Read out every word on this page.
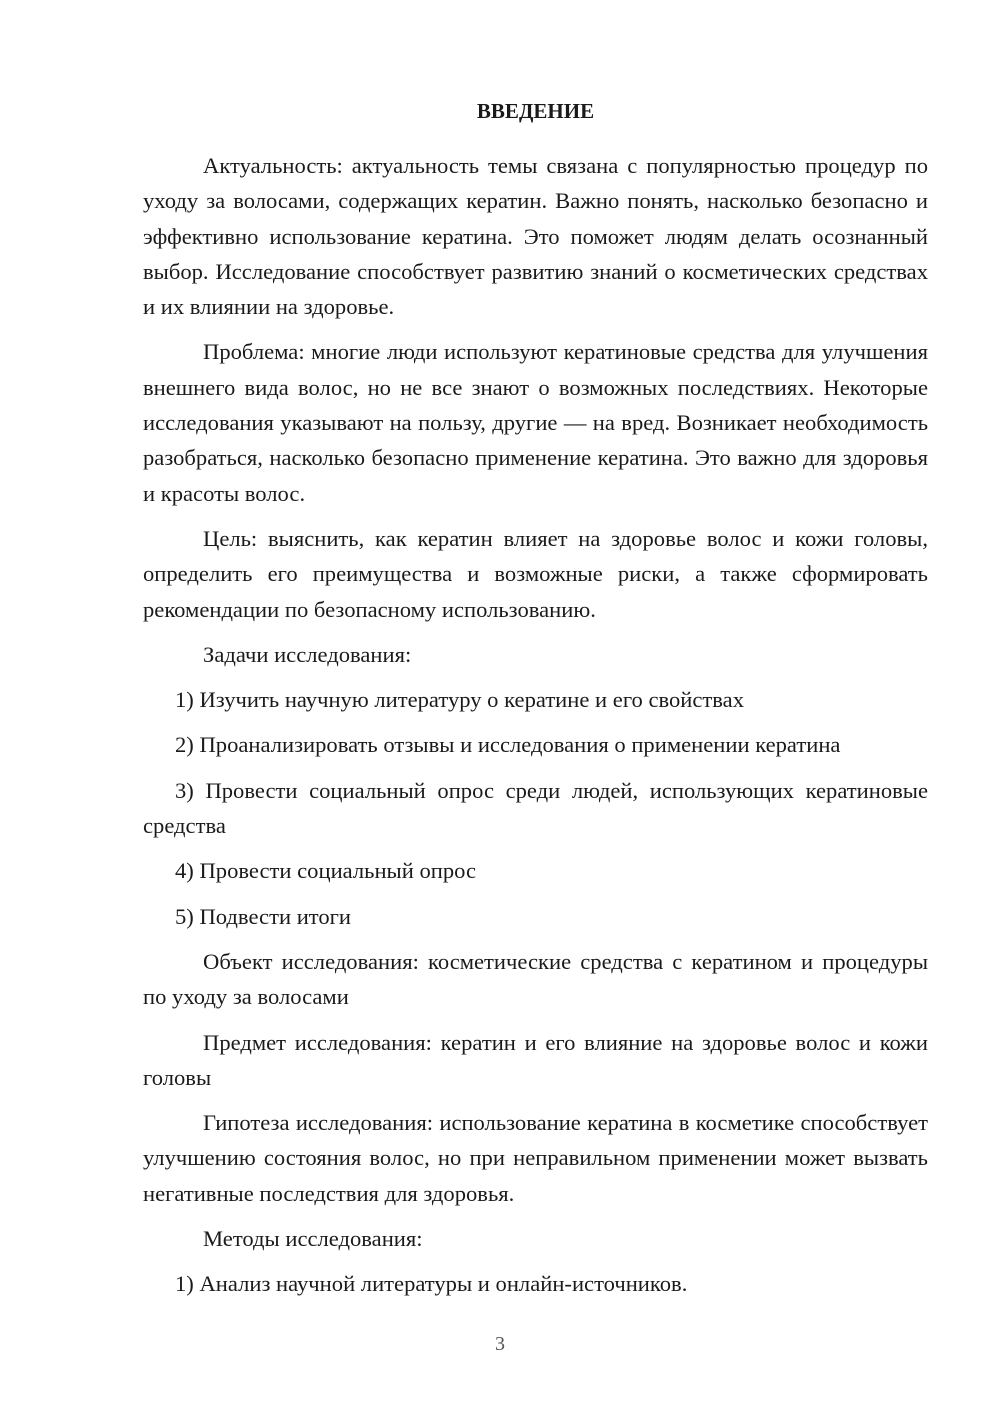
ВВЕДЕНИЕ

Актуальность: актуальность темы связана с популярностью процедур по уходу за волосами, содержащих кератин. Важно понять, насколько безопасно и эффективно использование кератина. Это поможет людям делать осознанный выбор. Исследование способствует развитию знаний о косметических средствах и их влиянии на здоровье.

Проблема: многие люди используют кератиновые средства для улучшения внешнего вида волос, но не все знают о возможных последствиях. Некоторые исследования указывают на пользу, другие — на вред. Возникает необходимость разобраться, насколько безопасно применение кератина. Это важно для здоровья и красоты волос.

Цель: выяснить, как кератин влияет на здоровье волос и кожи головы, определить его преимущества и возможные риски, а также сформировать рекомендации по безопасному использованию.

Задачи исследования:

1) Изучить научную литературу о кератине и его свойствах

2) Проанализировать отзывы и исследования о применении кератина

3) Провести социальный опрос среди людей, использующих кератиновые средства

4) Провести социальный опрос

5) Подвести итоги

Объект исследования: косметические средства с кератином и процедуры по уходу за волосами

Предмет исследования: кератин и его влияние на здоровье волос и кожи головы

Гипотеза исследования: использование кератина в косметике способствует улучшению состояния волос, но при неправильном применении может вызвать негативные последствия для здоровья.

Методы исследования:

1) Анализ научной литературы и онлайн-источников.

3
